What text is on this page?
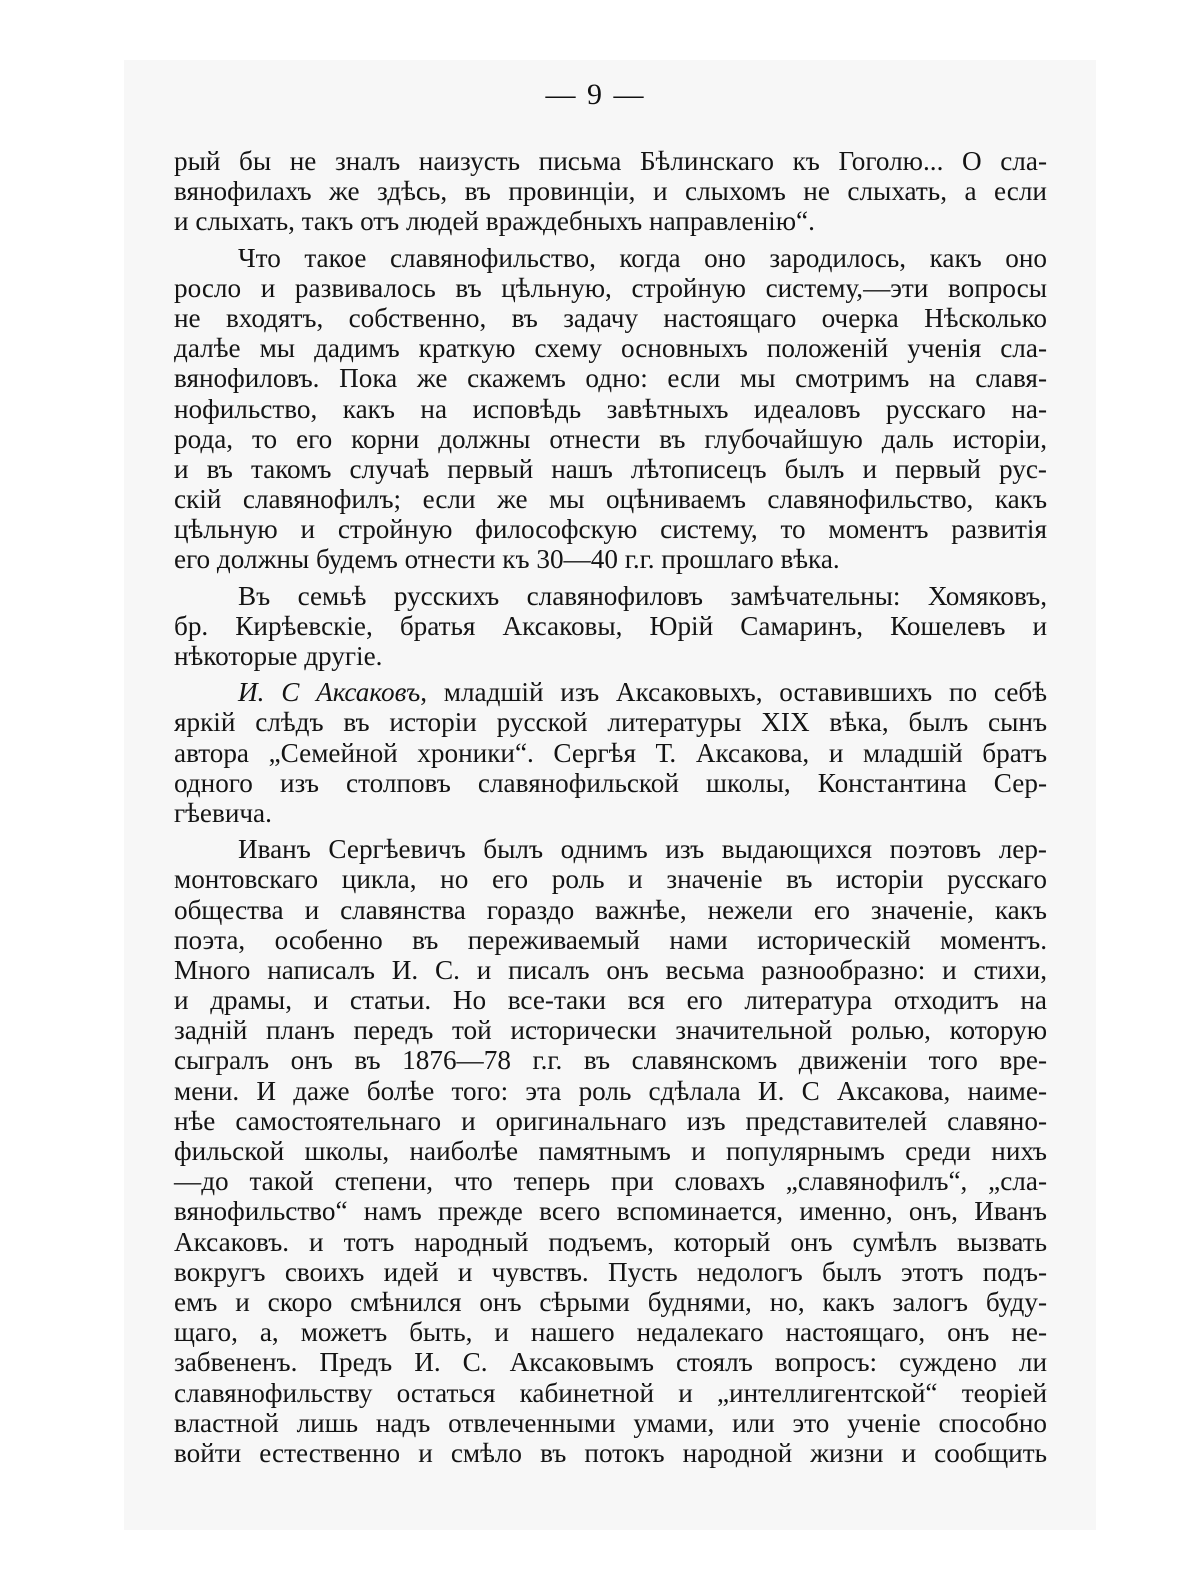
— 9 —
рый бы не зналъ наизусть письма Бѣлинскаго къ Гоголю... О сла-
вянофилахъ же здѣсь, въ провинціи, и слыхомъ не слыхать, а если
и слыхать, такъ отъ людей враждебныхъ направленію“.
Что такое славянофильство, когда оно зародилось, какъ оно
росло и развивалось въ цѣльную, стройную систему,—эти вопросы
не входятъ, собственно, въ задачу настоящаго очерка Нѣсколько
далѣе мы дадимъ краткую схему основныхъ положеній ученія сла-
вянофиловъ. Пока же скажемъ одно: если мы смотримъ на славя-
нофильство, какъ на исповѣдь завѣтныхъ идеаловъ русскаго на-
рода, то его корни должны отнести въ глубочайшую даль исторіи,
и въ такомъ случаѣ первый нашъ лѣтописецъ былъ и первый рус-
скій славянофилъ; если же мы оцѣниваемъ славянофильство, какъ
цѣльную и стройную философскую систему, то моментъ развитія
его должны будемъ отнести къ 30—40 г.г. прошлаго вѣка.
Въ семьѣ русскихъ славянофиловъ замѣчательны: Хомяковъ,
бр. Кирѣевскіе, братья Аксаковы, Юрій Самаринъ, Кошелевъ и
нѣкоторые другіе.
И. С Аксаковъ, младшій изъ Аксаковыхъ, оставившихъ по себѣ
яркій слѣдъ въ исторіи русской литературы XIX вѣка, былъ сынъ
автора „Семейной хроники“. Сергѣя Т. Аксакова, и младшій братъ
одного изъ столповъ славянофильской школы, Константина Сер-
гѣевича.
Иванъ Сергѣевичъ былъ однимъ изъ выдающихся поэтовъ лер-
монтовскаго цикла, но его роль и значеніе въ исторіи русскаго
общества и славянства гораздо важнѣе, нежели его значеніе, какъ
поэта, особенно въ переживаемый нами историческій моментъ.
Много написалъ И. С. и писалъ онъ весьма разнообразно: и стихи,
и драмы, и статьи. Но все-таки вся его литература отходитъ на
задній планъ передъ той исторически значительной ролью, которую
сыгралъ онъ въ 1876—78 г.г. въ славянскомъ движеніи того вре-
мени. И даже болѣе того: эта роль сдѣлала И. С Аксакова, наиме-
нѣе самостоятельнаго и оригинальнаго изъ представителей славяно-
фильской школы, наиболѣе памятнымъ и популярнымъ среди нихъ
—до такой степени, что теперь при словахъ „славянофилъ“, „сла-
вянофильство“ намъ прежде всего вспоминается, именно, онъ, Иванъ
Аксаковъ. и тотъ народный подъемъ, который онъ сумѣлъ вызвать
вокругъ своихъ идей и чувствъ. Пусть недологъ былъ этотъ подъ-
емъ и скоро смѣнился онъ сѣрыми буднями, но, какъ залогъ буду-
щаго, а, можетъ быть, и нашего недалекаго настоящаго, онъ не-
забвененъ. Предъ И. С. Аксаковымъ стоялъ вопросъ: суждено ли
славянофильству остаться кабинетной и „интеллигентской“ теоріей
властной лишь надъ отвлеченными умами, или это ученіе способно
войти естественно и смѣло въ потокъ народной жизни и сообщить
